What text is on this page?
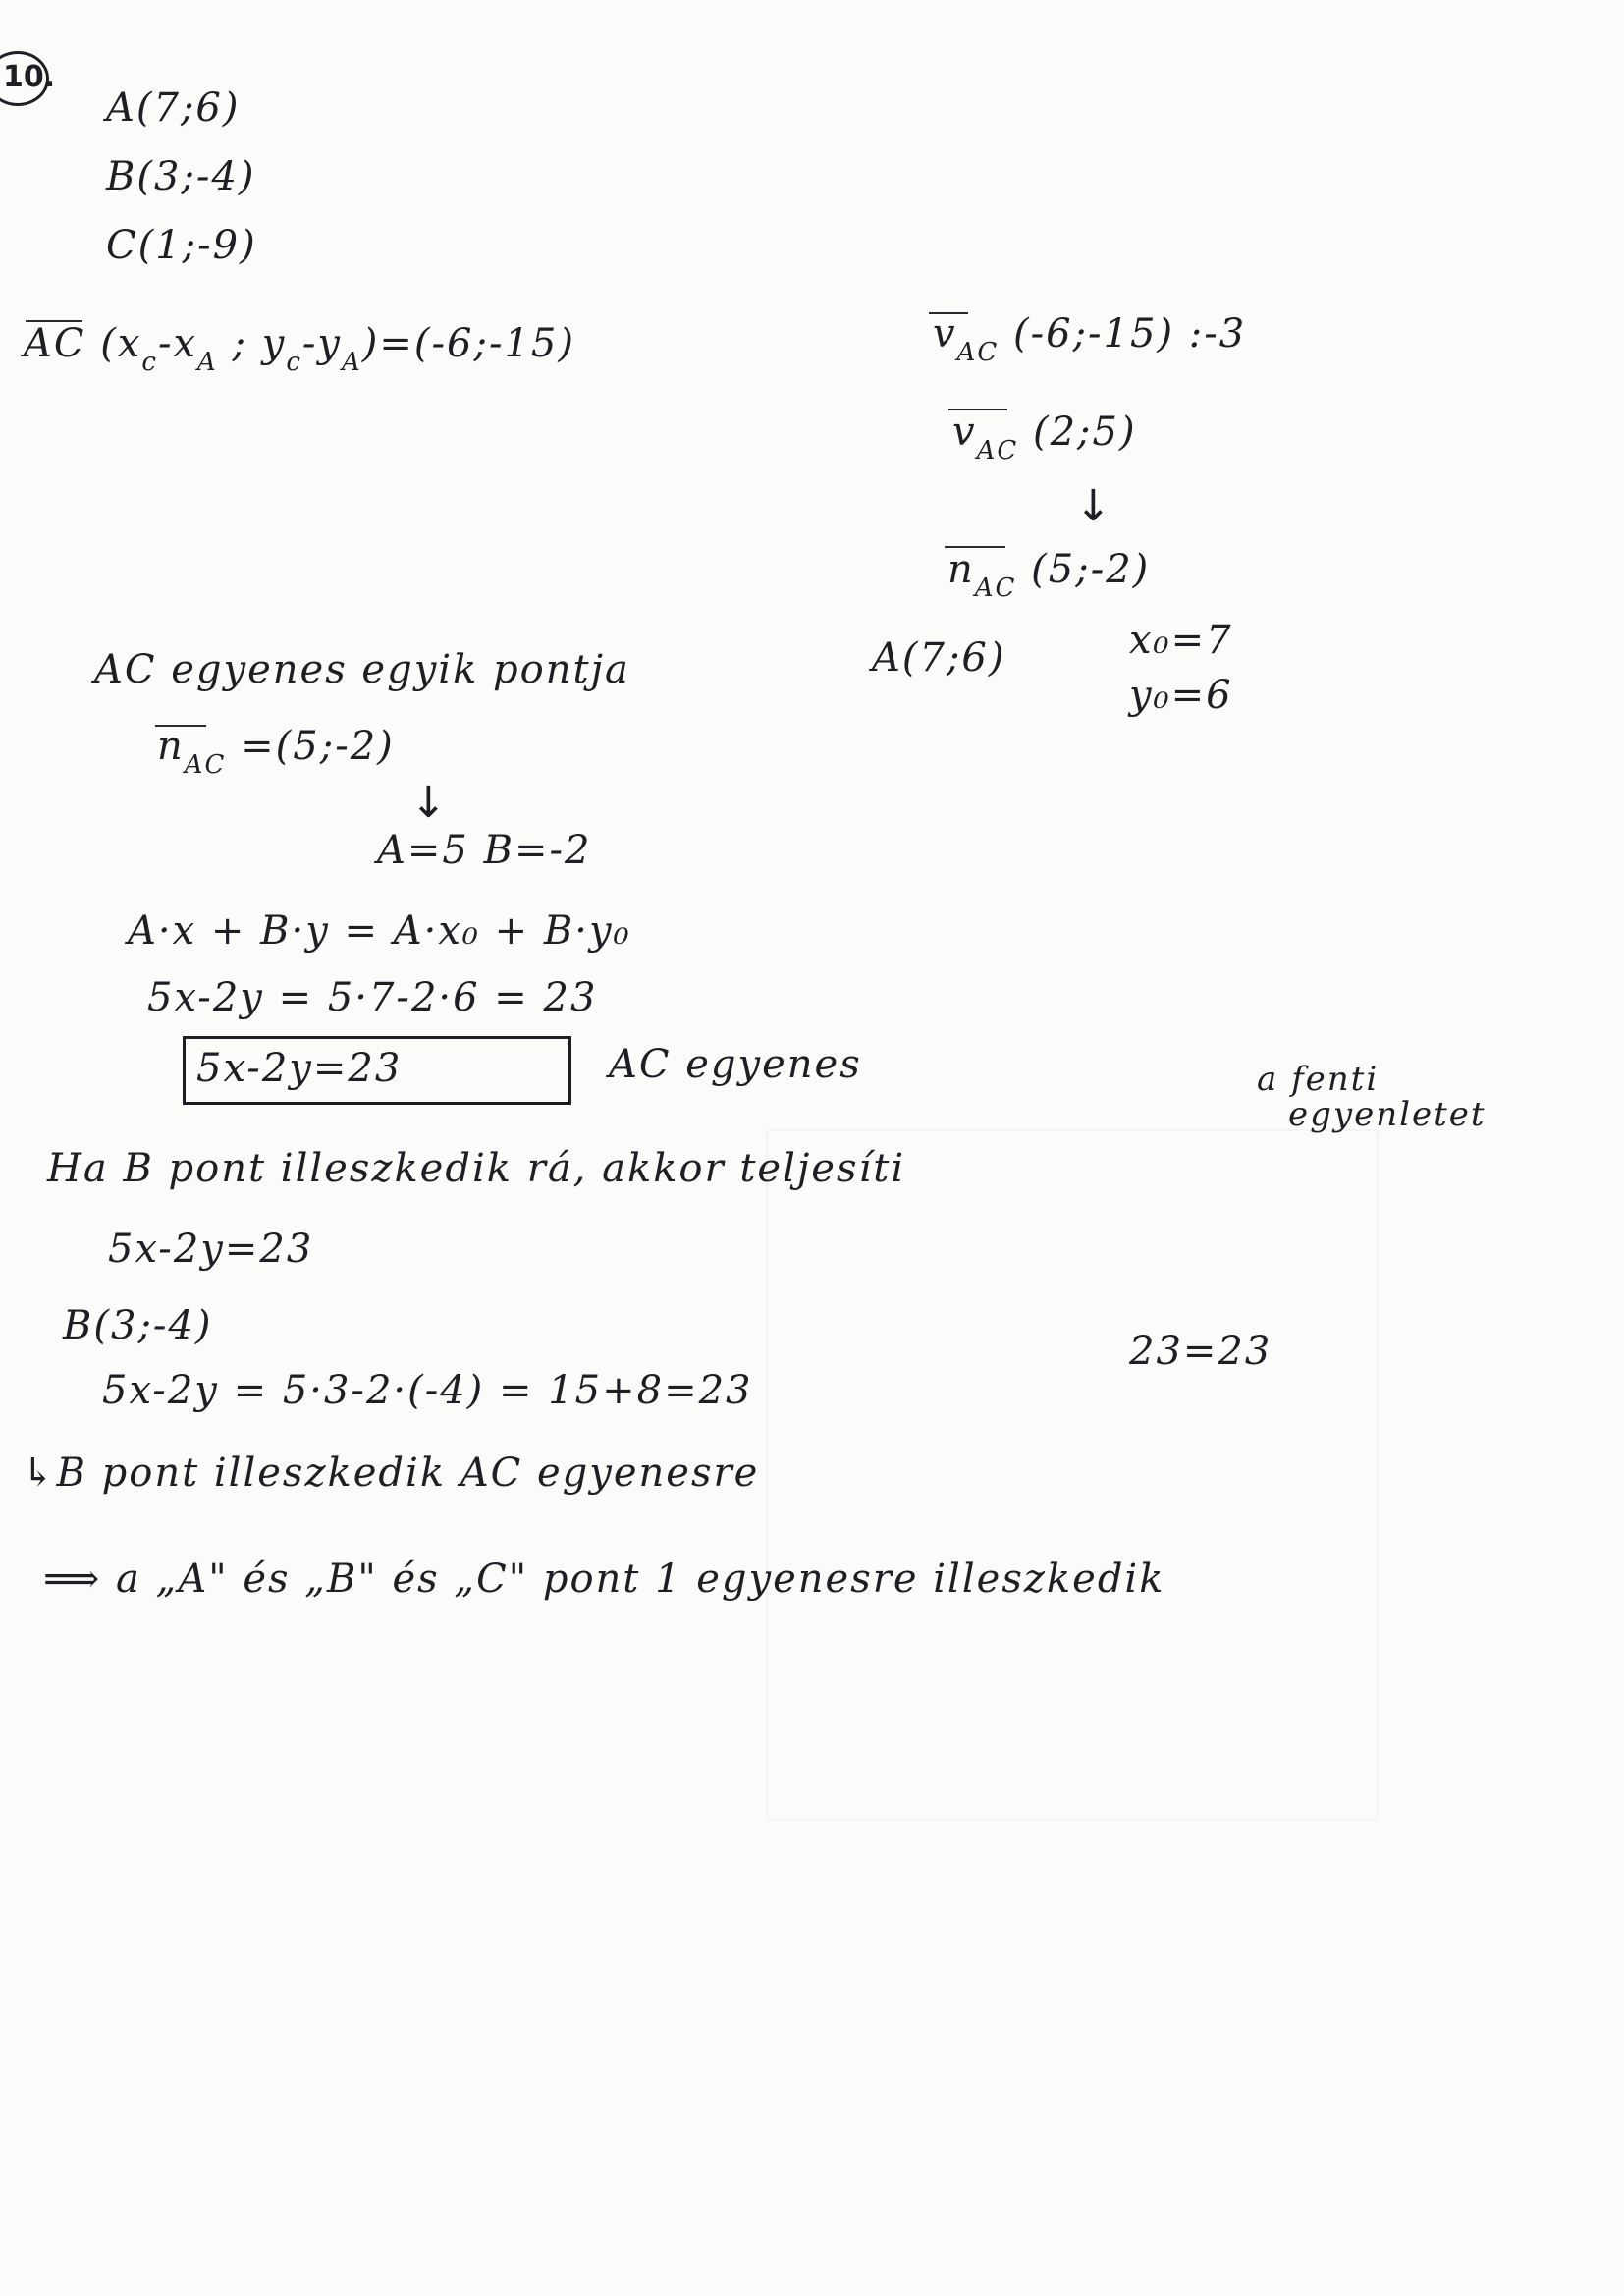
10.
A(7;6)
B(3;-4)
C(1;-9)
AC ($x_c-x_A$ ; $y_c-y_A)=(-6;-15)$	$v_{AC}$ (-6;-15) :-3
$v_{AC}$ (2;5)
↓
$n_{AC}$ (5;-2)
AC egyenes egyik pontja	A(7;6)	x₀=7
y₀=6
$n_{AC}$ =(5;-2)
↓
A=5 B=-2
A·x + B·y = A·x₀ + B·y₀
5x-2y = 5·7-2·6 = 23
5x-2y=23	AC egyenes	a fenti
egyenletet
Ha B pont illeszkedik rá, akkor teljesíti
5x-2y=23
B(3;-4)
5x-2y = 5·3-2·(-4) = 15+8=23
23=23
↳B pont illeszkedik AC egyenesre
⟹ a „A" és „B" és „C" pont 1 egyenesre illeszkedik
